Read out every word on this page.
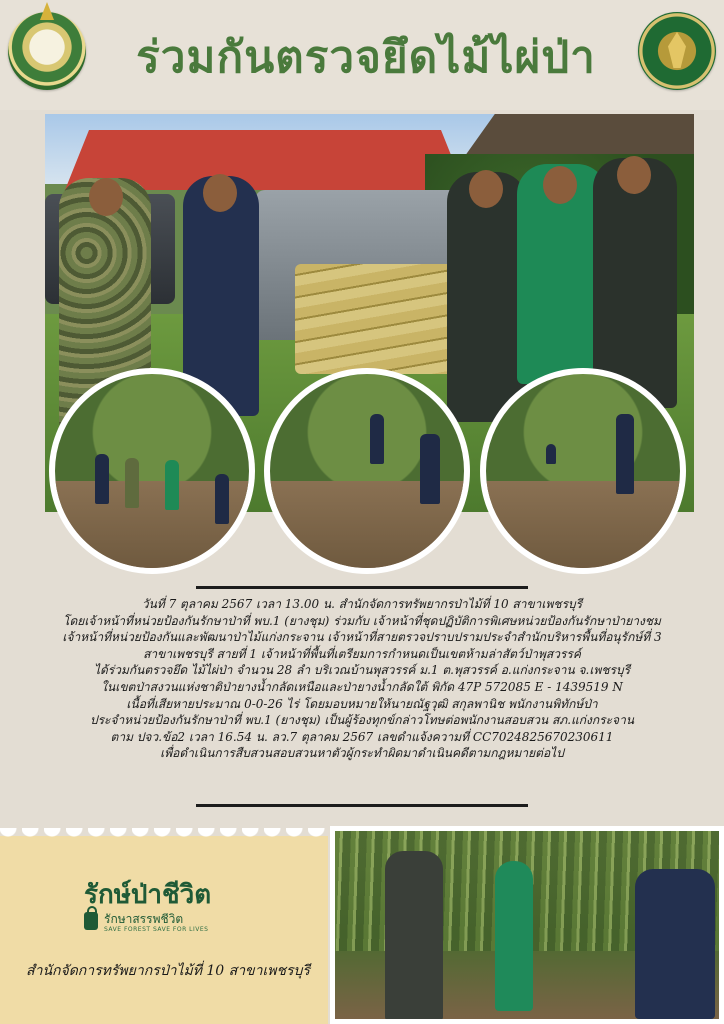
ร่วมกันตรวจยึดไม้ไผ่ป่า

วันที่ 7 ตุลาคม 2567 เวลา 13.00 น. สำนักจัดการทรัพยากรป่าไม้ที่ 10 สาขาเพชรบุรี

โดยเจ้าหน้าที่หน่วยป้องกันรักษาป่าที่ พบ.1 (ยางชุม) ร่วมกับ เจ้าหน้าที่ชุดปฏิบัติการพิเศษหน่วยป้องกันรักษาป่ายางชม

เจ้าหน้าที่หน่วยป้องกันและพัฒนาป่าไม้แก่งกระจาน เจ้าหน้าที่สายตรวจปราบปรามประจำสำนักบริหารพื้นที่อนุรักษ์ที่ 3

สาขาเพชรบุรี สายที่ 1 เจ้าหน้าที่พื้นที่เตรียมการกำหนดเป็นเขตห้ามล่าสัตว์ป่าพุสวรรค์

ได้ร่วมกันตรวจยึด ไม้ไผ่ป่า จำนวน 28 ลำ บริเวณบ้านพุสวรรค์ ม.1 ต.พุสวรรค์ อ.แก่งกระจาน จ.เพชรบุรี

ในเขตป่าสงวนแห่งชาติป่ายางน้ำกลัดเหนือและป่ายางน้ำกลัดใต้ พิกัด 47P 572085 E - 1439519 N

เนื้อที่เสียหายประมาณ 0-0-26 ไร่ โดยมอบหมายให้นายณัฐวุฒิ สกุลพานิช พนักงานพิทักษ์ป่า

ประจำหน่วยป้องกันรักษาป่าที่ พบ.1 (ยางชุม) เป็นผู้ร้องทุกข์กล่าวโทษต่อพนักงานสอบสวน สภ.แก่งกระจาน

ตาม ปจว.ข้อ2 เวลา 16.54 น. ลว.7 ตุลาคม 2567 เลขดำแจ้งความที่ CC7024825670230611

เพื่อดำเนินการสืบสวนสอบสวนหาตัวผู้กระทำผิดมาดำเนินคดีตามกฎหมายต่อไป

รักษ์ป่าชีวิต
รักษาสรรพชีวิต
SAVE FOREST SAVE FOR LIVES
สำนักจัดการทรัพยากรป่าไม้ที่ 10 สาขาเพชรบุรี
